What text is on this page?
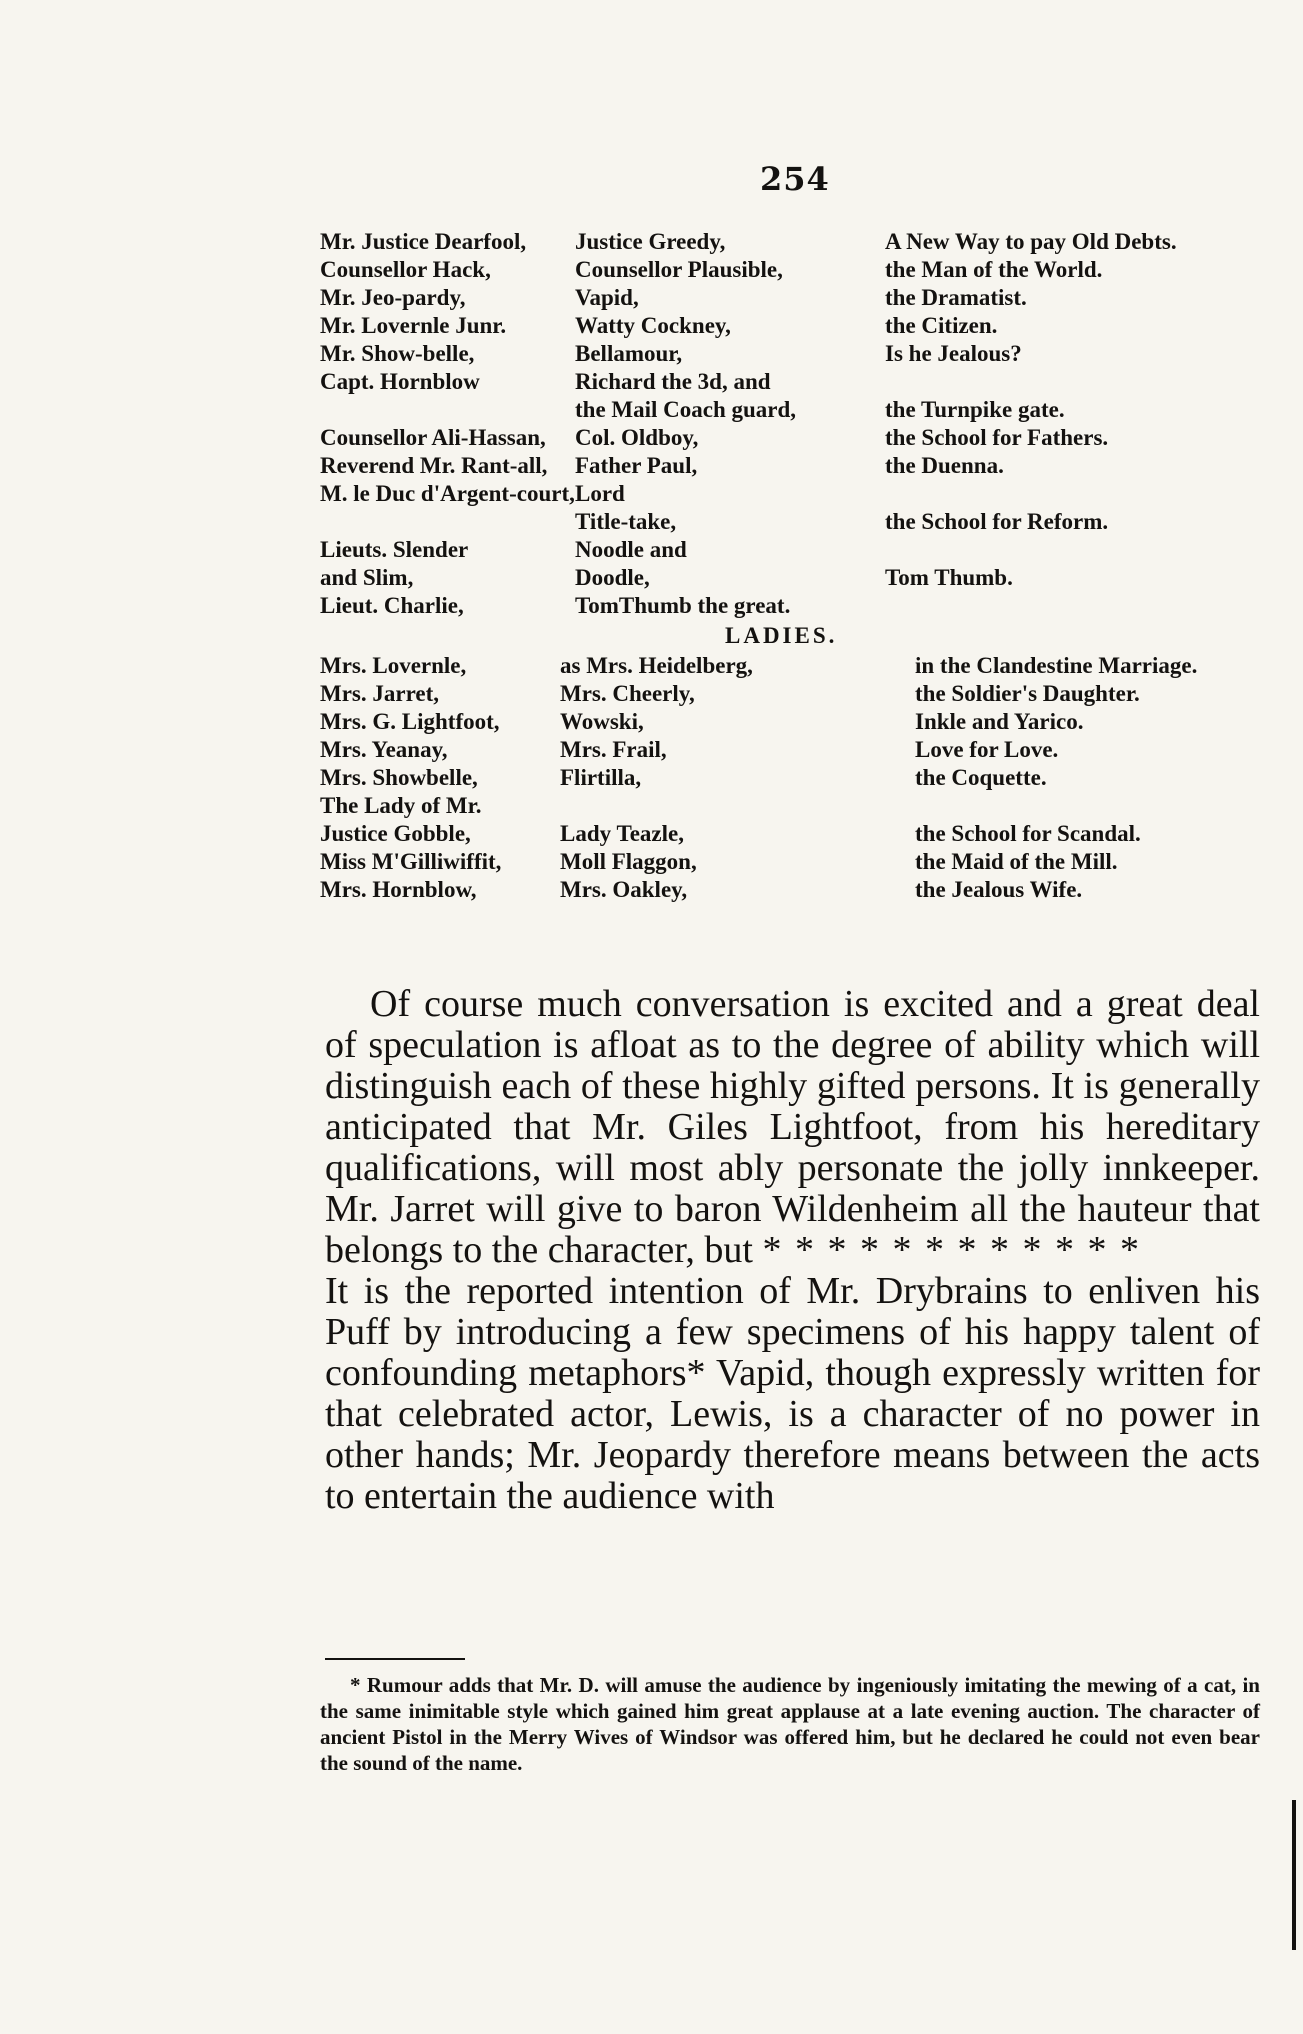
254
Mr. Justice Dearfool, Justice Greedy,	A New Way to pay Old Debts.
Counsellor Hack,	Counsellor Plausible,	the Man of the World.
Mr. Jeo-pardy,	Vapid,	the Dramatist.
Mr. Lovernle Junr.	Watty Cockney,	the Citizen.
Mr. Show-belle,	Bellamour,	Is he Jealous?
Capt. Hornblow	Richard the 3d, and
the Mail Coach guard,	the Turnpike gate.
Counsellor Ali-Hassan, Col. Oldboy,	the School for Fathers.
Reverend Mr. Rant-all, Father Paul,	the Duenna.
M. le Duc d'Argent-court, Lord
Title-take,	the School for Reform.
Lieuts. Slender	Noodle and
and Slim,	Doodle,	Tom Thumb.
Lieut. Charlie,	TomThumb the great.
LADIES.
Mrs. Lovernle,	as Mrs. Heidelberg,	in the Clandestine Marriage.
Mrs. Jarret,	Mrs. Cheerly,	the Soldier's Daughter.
Mrs. G. Lightfoot,	Wowski,	Inkle and Yarico.
Mrs. Yeanay,	Mrs. Frail,	Love for Love.
Mrs. Showbelle,	Flirtilla,	the Coquette.
The Lady of Mr.
Justice Gobble,	Lady Teazle,	the School for Scandal.
Miss M'Gilliwiffit,	Moll Flaggon,	the Maid of the Mill.
Mrs. Hornblow,	Mrs. Oakley,	the Jealous Wife.

Of course much conversation is excited and a great deal of speculation is afloat as to the degree of ability which will distinguish each of these highly gifted persons. It is generally anticipated that Mr. Giles Lightfoot, from his hereditary qualifications, will most ably personate the jolly innkeeper. Mr. Jarret will give to baron Wildenheim all the hauteur that belongs to the character, but * * * * * * * * * * * *

It is the reported intention of Mr. Drybrains to enliven his Puff by introducing a few specimens of his happy talent of confounding metaphors* Vapid, though expressly written for that celebrated actor, Lewis, is a character of no power in other hands; Mr. Jeopardy therefore means between the acts to entertain the audience with

* Rumour adds that Mr. D. will amuse the audience by ingeniously imitating the mewing of a cat, in the same inimitable style which gained him great applause at a late evening auction. The character of ancient Pistol in the Merry Wives of Windsor was offered him, but he declared he could not even bear the sound of the name.
